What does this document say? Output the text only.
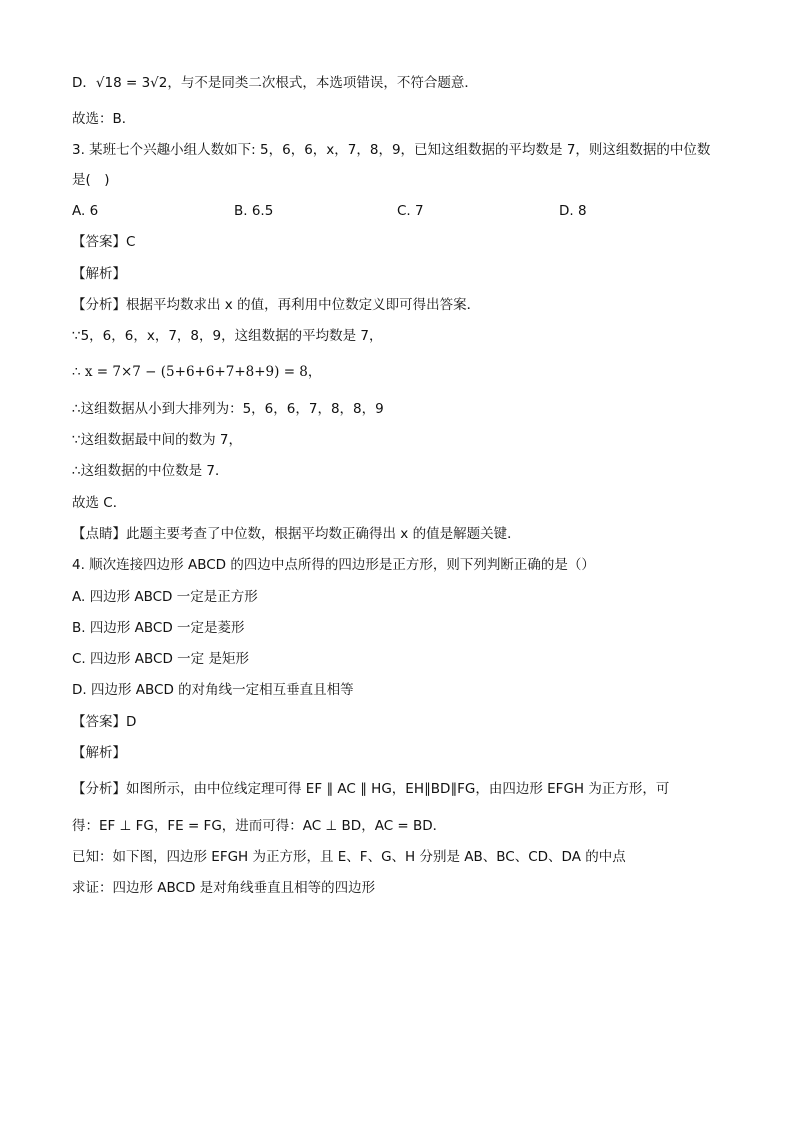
D．√18 = 3√2，与不是同类二次根式，本选项错误，不符合题意．
故选：B．
3. 某班七个兴趣小组人数如下: 5，6，6，x，7，8，9，已知这组数据的平均数是 7，则这组数据的中位数
是(　)
A. 6	B. 6.5	C. 7	D. 8
【答案】C
【解析】
【分析】根据平均数求出 x 的值，再利用中位数定义即可得出答案．
∵5，6，6，x，7，8，9，这组数据的平均数是 7，
∴ x = 7×7 − (5+6+6+7+8+9) = 8，
∴这组数据从小到大排列为：5，6，6，7，8，8，9
∵这组数据最中间的数为 7，
∴这组数据的中位数是 7．
故选 C．
【点睛】此题主要考查了中位数，根据平均数正确得出 x 的值是解题关键．
4. 顺次连接四边形 ABCD 的四边中点所得的四边形是正方形，则下列判断正确的是（）
A. 四边形 ABCD 一定是正方形
B. 四边形 ABCD 一定是菱形
C. 四边形 ABCD 一定 是矩形
D. 四边形 ABCD 的对角线一定相互垂直且相等
【答案】D
【解析】
【分析】如图所示，由中位线定理可得 EF ∥ AC ∥ HG，EH∥BD∥FG，由四边形 EFGH 为正方形，可
得：EF ⊥ FG，FE = FG，进而可得：AC ⊥ BD，AC = BD．
已知：如下图，四边形 EFGH 为正方形，且 E、F、G、H 分别是 AB、BC、CD、DA 的中点
求证：四边形 ABCD 是对角线垂直且相等的四边形
